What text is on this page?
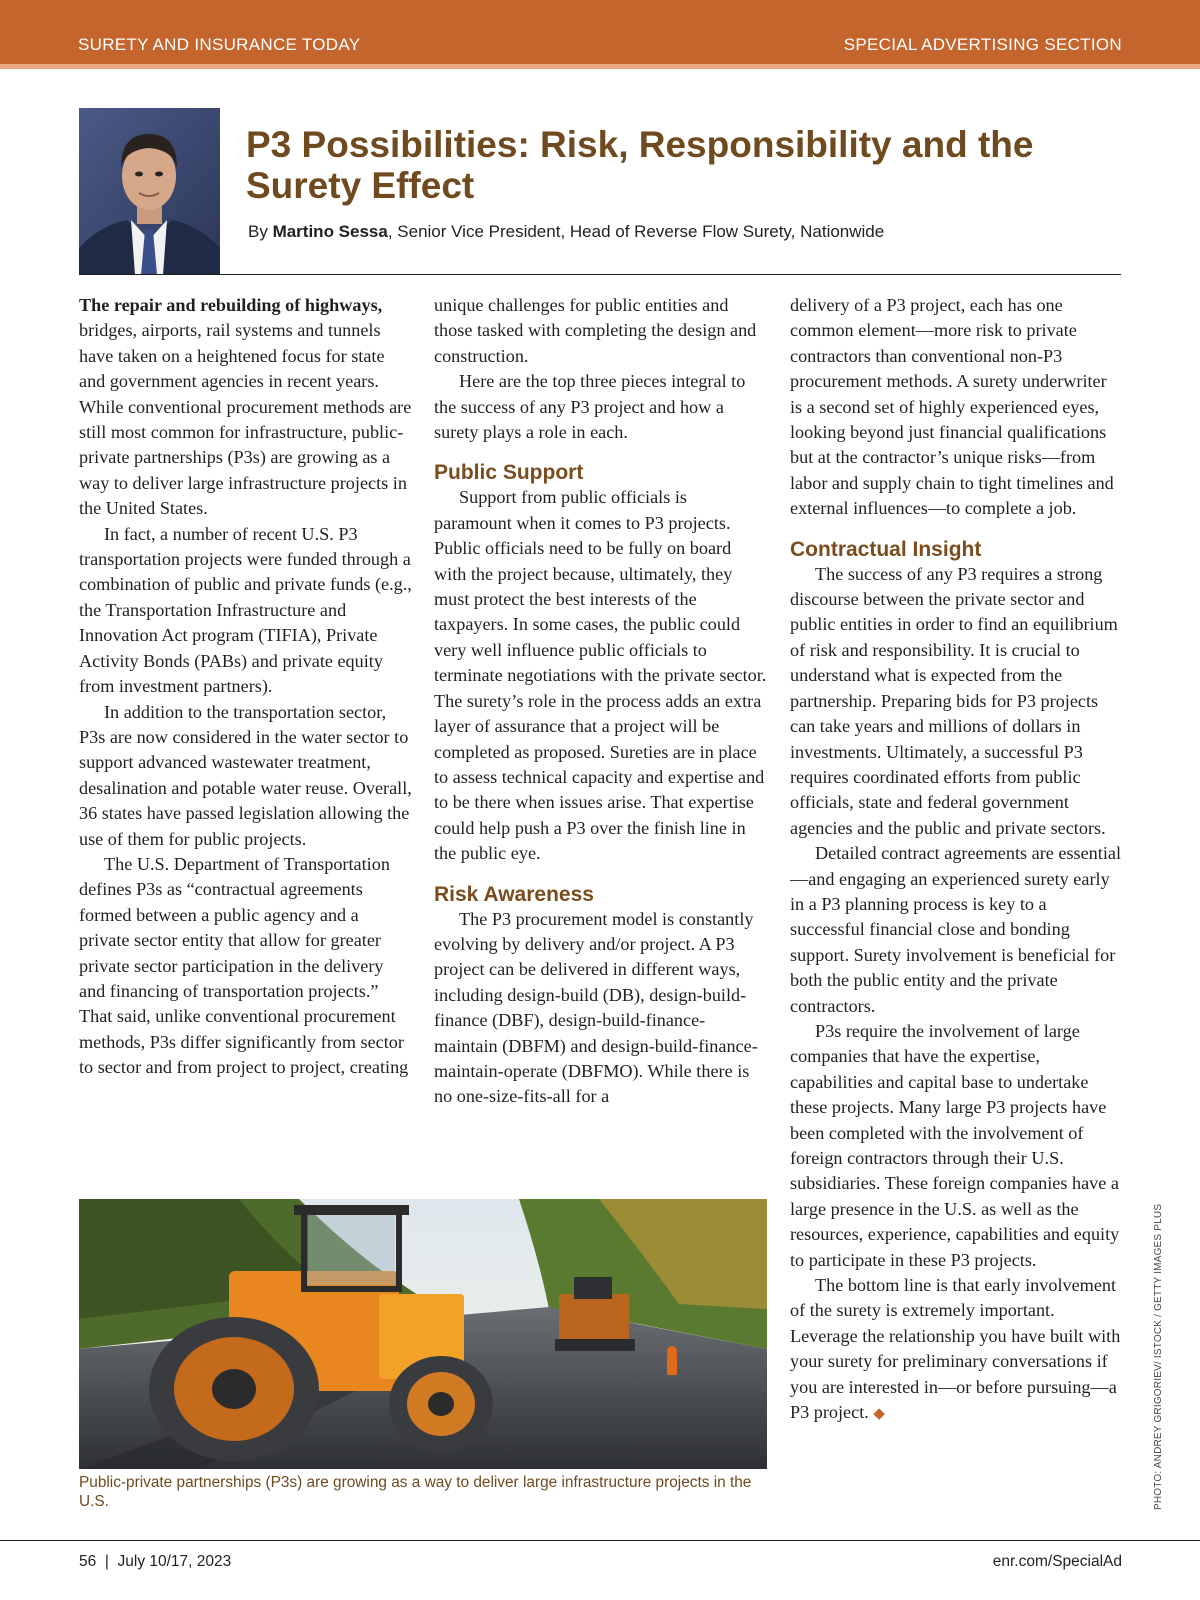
SURETY AND INSURANCE TODAY	SPECIAL ADVERTISING SECTION
P3 Possibilities: Risk, Responsibility and the Surety Effect
By Martino Sessa, Senior Vice President, Head of Reverse Flow Surety, Nationwide

The repair and rebuilding of highways, bridges, airports, rail systems and tunnels have taken on a heightened focus for state and government agencies in recent years. While conventional procurement methods are still most common for infrastructure, public-private partnerships (P3s) are growing as a way to deliver large infrastructure projects in the United States.

In fact, a number of recent U.S. P3 transportation projects were funded through a combination of public and private funds (e.g., the Transportation Infrastructure and Innovation Act program (TIFIA), Private Activity Bonds (PABs) and private equity from investment partners).

In addition to the transportation sector, P3s are now considered in the water sector to support advanced wastewater treatment, desalination and potable water reuse. Overall, 36 states have passed legislation allowing the use of them for public projects.

The U.S. Department of Transportation defines P3s as “contractual agreements formed between a public agency and a private sector entity that allow for greater private sector participation in the delivery and financing of transportation projects.” That said, unlike conventional procurement methods, P3s differ significantly from sector to sector and from project to project, creating

unique challenges for public entities and those tasked with completing the design and construction.

Here are the top three pieces integral to the success of any P3 project and how a surety plays a role in each.

Public Support

Support from public officials is paramount when it comes to P3 projects. Public officials need to be fully on board with the project because, ultimately, they must protect the best interests of the taxpayers. In some cases, the public could very well influence public officials to terminate negotiations with the private sector. The surety’s role in the process adds an extra layer of assurance that a project will be completed as proposed. Sureties are in place to assess technical capacity and expertise and to be there when issues arise. That expertise could help push a P3 over the finish line in the public eye.

Risk Awareness

The P3 procurement model is constantly evolving by delivery and/or project. A P3 project can be delivered in different ways, including design-build (DB), design-build-finance (DBF), design-build-finance-maintain (DBFM) and design-build-finance-maintain-operate (DBFMO). While there is no one-size-fits-all for a

delivery of a P3 project, each has one common element—more risk to private contractors than conventional non-P3 procurement methods. A surety underwriter is a second set of highly experienced eyes, looking beyond just financial qualifications but at the contractor’s unique risks—from labor and supply chain to tight timelines and external influences—to complete a job.

Contractual Insight

The success of any P3 requires a strong discourse between the private sector and public entities in order to find an equilibrium of risk and responsibility. It is crucial to understand what is expected from the partnership. Preparing bids for P3 projects can take years and millions of dollars in investments. Ultimately, a successful P3 requires coordinated efforts from public officials, state and federal government agencies and the public and private sectors.

Detailed contract agreements are essential—and engaging an experienced surety early in a P3 planning process is key to a successful financial close and bonding support. Surety involvement is beneficial for both the public entity and the private contractors.

P3s require the involvement of large companies that have the expertise, capabilities and capital base to undertake these projects. Many large P3 projects have been completed with the involvement of foreign contractors through their U.S. subsidiaries. These foreign companies have a large presence in the U.S. as well as the resources, experience, capabilities and equity to participate in these P3 projects.

The bottom line is that early involvement of the surety is extremely important. Leverage the relationship you have built with your surety for preliminary conversations if you are interested in—or before pursuing—a P3 project. ◆

Public-private partnerships (P3s) are growing as a way to deliver large infrastructure projects in the U.S.	PHOTO: ANDREY GRIGORIEV/ ISTOCK / GETTY IMAGES PLUS
56  |  July 10/17, 2023	enr.com/SpecialAd
